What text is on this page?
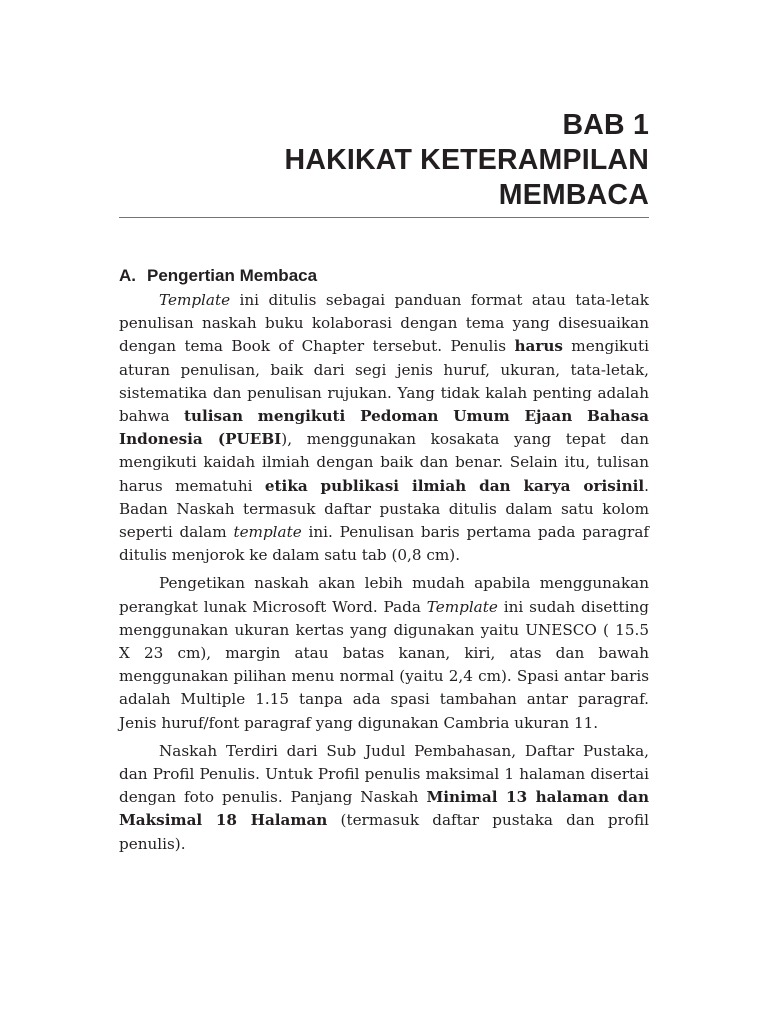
BAB 1
HAKIKAT KETERAMPILAN
MEMBACA
A. Pengertian Membaca

Template ini ditulis sebagai panduan format atau tata-letak penulisan naskah buku kolaborasi dengan tema yang disesuaikan dengan tema Book of Chapter tersebut. Penulis harus mengikuti aturan penulisan, baik dari segi jenis huruf, ukuran, tata-letak, sistematika dan penulisan rujukan. Yang tidak kalah penting adalah bahwa tulisan mengikuti Pedoman Umum Ejaan Bahasa Indonesia (PUEBI), menggunakan kosakata yang tepat dan mengikuti kaidah ilmiah dengan baik dan benar. Selain itu, tulisan harus mematuhi etika publikasi ilmiah dan karya orisinil. Badan Naskah termasuk daftar pustaka ditulis dalam satu kolom seperti dalam template ini. Penulisan baris pertama pada paragraf ditulis menjorok ke dalam satu tab (0,8 cm).

Pengetikan naskah akan lebih mudah apabila menggunakan perangkat lunak Microsoft Word. Pada Template ini sudah disetting menggunakan ukuran kertas yang digunakan yaitu UNESCO ( 15.5 X 23 cm), margin atau batas kanan, kiri, atas dan bawah menggunakan pilihan menu normal (yaitu 2,4 cm). Spasi antar baris adalah Multiple 1.15 tanpa ada spasi tambahan antar paragraf. Jenis huruf/font paragraf yang digunakan Cambria ukuran 11.

Naskah Terdiri dari Sub Judul Pembahasan, Daftar Pustaka, dan Profil Penulis. Untuk Profil penulis maksimal 1 halaman disertai dengan foto penulis. Panjang Naskah Minimal 13 halaman dan Maksimal 18 Halaman (termasuk daftar pustaka dan profil penulis).
